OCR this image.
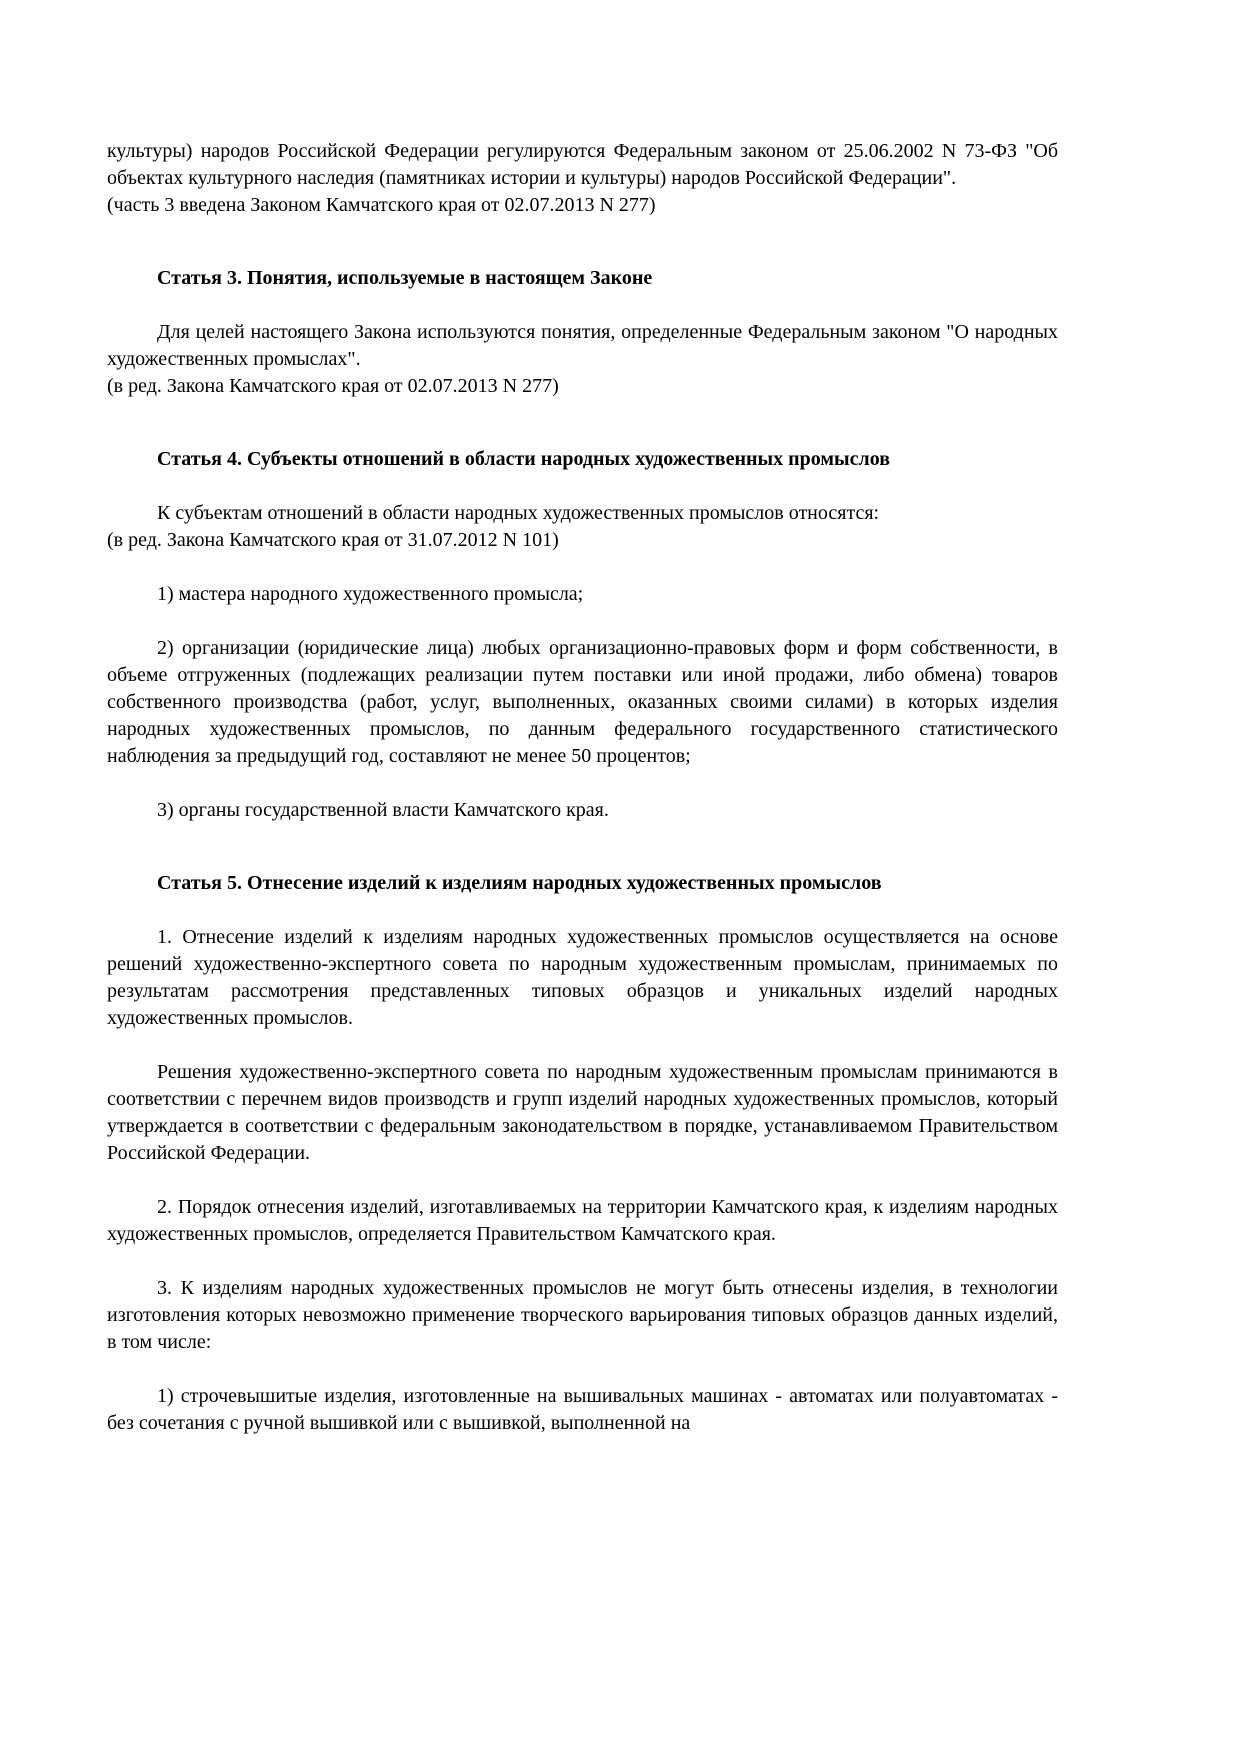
культуры) народов Российской Федерации регулируются Федеральным законом от 25.06.2002 N 73-ФЗ "Об объектах культурного наследия (памятниках истории и культуры) народов Российской Федерации".

(часть 3 введена Законом Камчатского края от 02.07.2013 N 277)

Статья 3. Понятия, используемые в настоящем Законе

Для целей настоящего Закона используются понятия, определенные Федеральным законом "О народных художественных промыслах".

(в ред. Закона Камчатского края от 02.07.2013 N 277)

Статья 4. Субъекты отношений в области народных художественных промыслов

К субъектам отношений в области народных художественных промыслов относятся:

(в ред. Закона Камчатского края от 31.07.2012 N 101)

1) мастера народного художественного промысла;

2) организации (юридические лица) любых организационно-правовых форм и форм собственности, в объеме отгруженных (подлежащих реализации путем поставки или иной продажи, либо обмена) товаров собственного производства (работ, услуг, выполненных, оказанных своими силами) в которых изделия народных художественных промыслов, по данным федерального государственного статистического наблюдения за предыдущий год, составляют не менее 50 процентов;

3) органы государственной власти Камчатского края.

Статья 5. Отнесение изделий к изделиям народных художественных промыслов

1. Отнесение изделий к изделиям народных художественных промыслов осуществляется на основе решений художественно-экспертного совета по народным художественным промыслам, принимаемых по результатам рассмотрения представленных типовых образцов и уникальных изделий народных художественных промыслов.

Решения художественно-экспертного совета по народным художественным промыслам принимаются в соответствии с перечнем видов производств и групп изделий народных художественных промыслов, который утверждается в соответствии с федеральным законодательством в порядке, устанавливаемом Правительством Российской Федерации.

2. Порядок отнесения изделий, изготавливаемых на территории Камчатского края, к изделиям народных художественных промыслов, определяется Правительством Камчатского края.

3. К изделиям народных художественных промыслов не могут быть отнесены изделия, в технологии изготовления которых невозможно применение творческого варьирования типовых образцов данных изделий, в том числе:

1) строчевышитые изделия, изготовленные на вышивальных машинах - автоматах или полуавтоматах - без сочетания с ручной вышивкой или с вышивкой, выполненной на
